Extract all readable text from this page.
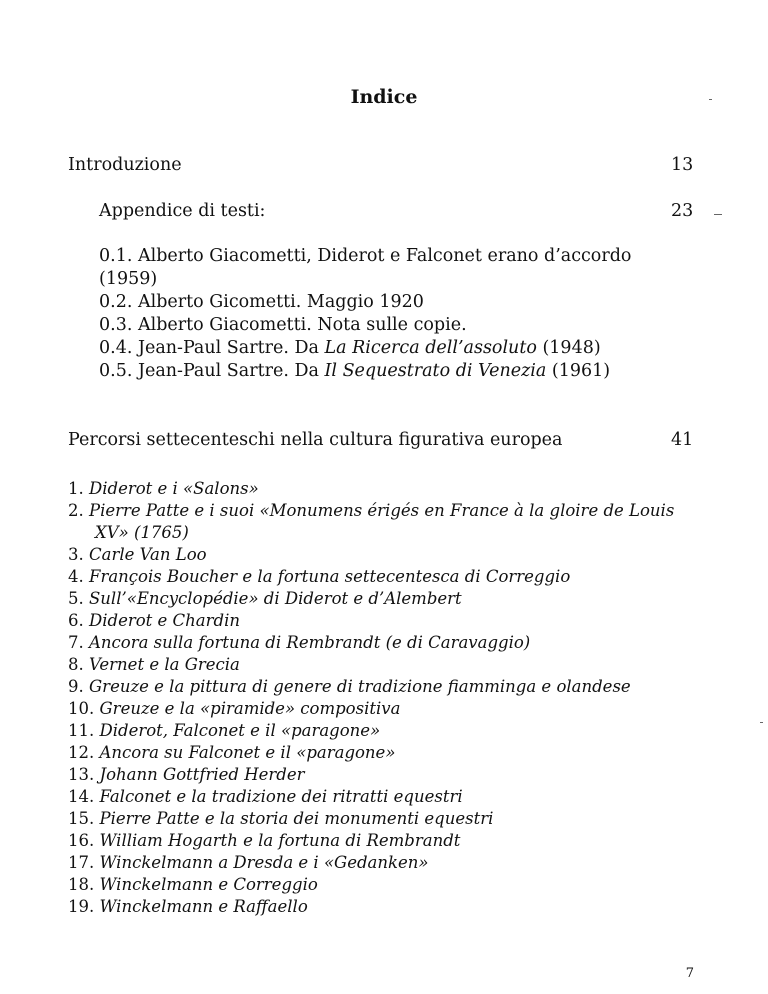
Indice
Introduzione	13
Appendice di testi:	23
0.1. Alberto Giacometti, Diderot e Falconet erano d’accordo
(1959)
0.2. Alberto Gicometti. Maggio 1920
0.3. Alberto Giacometti. Nota sulle copie.
0.4. Jean-Paul Sartre. Da La Ricerca dell’assoluto (1948)
0.5. Jean-Paul Sartre. Da Il Sequestrato di Venezia (1961)
Percorsi settecenteschi nella cultura figurativa europea	41
1. Diderot e i «Salons»
2. Pierre Patte e i suoi «Monumens érigés en France à la gloire de Louis
XV» (1765)
3. Carle Van Loo
4. François Boucher e la fortuna settecentesca di Correggio
5. Sull’«Encyclopédie» di Diderot e d’Alembert
6. Diderot e Chardin
7. Ancora sulla fortuna di Rembrandt (e di Caravaggio)
8. Vernet e la Grecia
9. Greuze e la pittura di genere di tradizione fiamminga e olandese
10. Greuze e la «piramide» compositiva
11. Diderot, Falconet e il «paragone»
12. Ancora su Falconet e il «paragone»
13. Johann Gottfried Herder
14. Falconet e la tradizione dei ritratti equestri
15. Pierre Patte e la storia dei monumenti equestri
16. William Hogarth e la fortuna di Rembrandt
17. Winckelmann a Dresda e i «Gedanken»
18. Winckelmann e Correggio
19. Winckelmann e Raffaello
7
